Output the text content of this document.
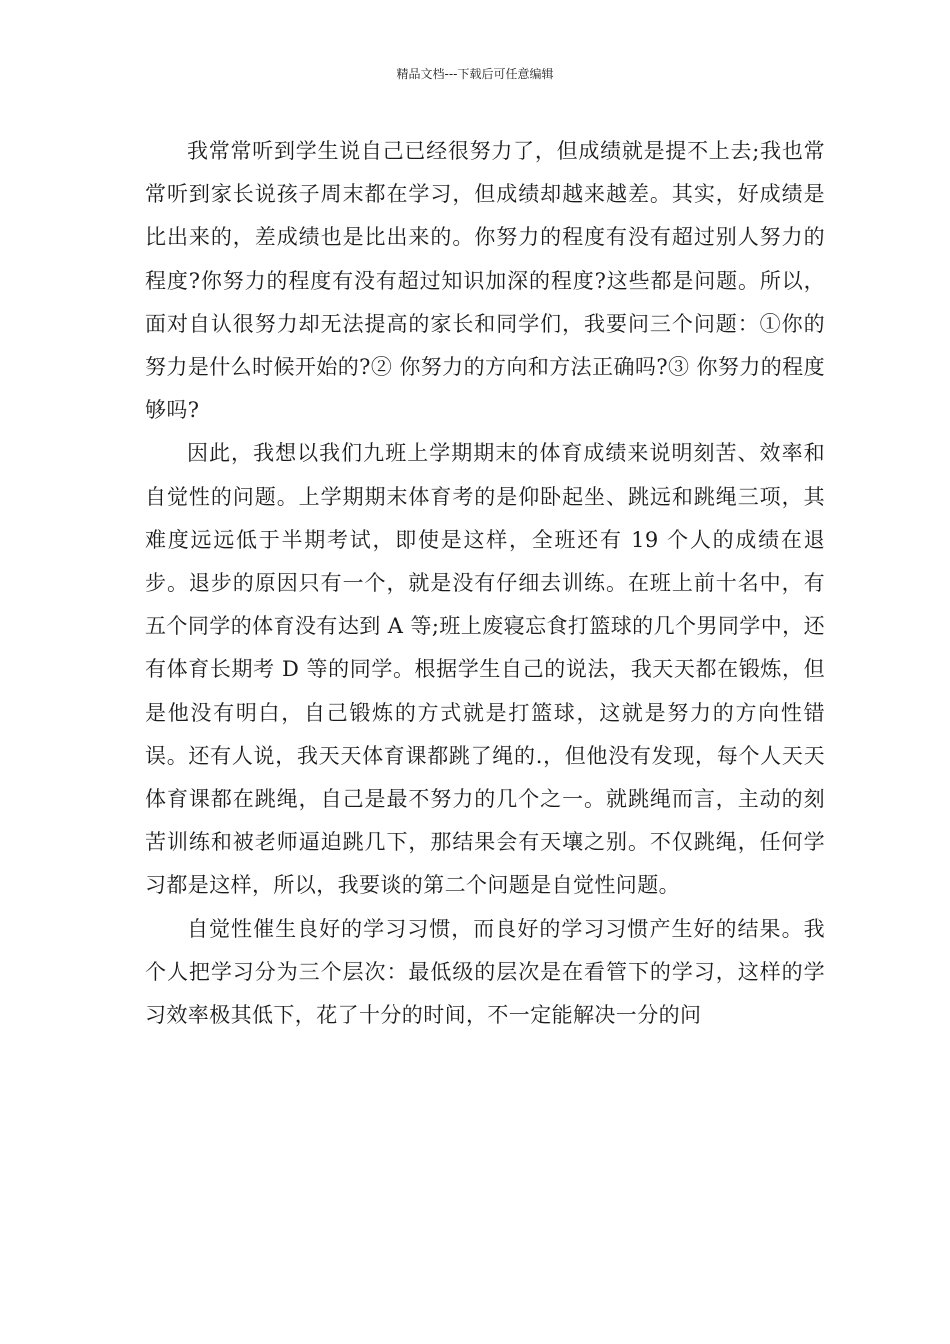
精品文档---下载后可任意编辑

我常常听到学生说自己已经很努力了，但成绩就是提不上去;我也常常听到家长说孩子周末都在学习，但成绩却越来越差。其实，好成绩是比出来的，差成绩也是比出来的。你努力的程度有没有超过别人努力的程度?你努力的程度有没有超过知识加深的程度?这些都是问题。所以，面对自认很努力却无法提高的家长和同学们，我要问三个问题：①你的努力是什么时候开始的?② 你努力的方向和方法正确吗?③ 你努力的程度够吗?

因此，我想以我们九班上学期期末的体育成绩来说明刻苦、效率和自觉性的问题。上学期期末体育考的是仰卧起坐、跳远和跳绳三项，其难度远远低于半期考试，即使是这样，全班还有 19 个人的成绩在退步。退步的原因只有一个，就是没有仔细去训练。在班上前十名中，有五个同学的体育没有达到 A 等;班上废寝忘食打篮球的几个男同学中，还有体育长期考 D 等的同学。根据学生自己的说法，我天天都在锻炼，但是他没有明白，自己锻炼的方式就是打篮球，这就是努力的方向性错误。还有人说，我天天体育课都跳了绳的.，但他没有发现，每个人天天体育课都在跳绳，自己是最不努力的几个之一。就跳绳而言，主动的刻苦训练和被老师逼迫跳几下，那结果会有天壤之别。不仅跳绳，任何学习都是这样，所以，我要谈的第二个问题是自觉性问题。

自觉性催生良好的学习习惯，而良好的学习习惯产生好的结果。我个人把学习分为三个层次：最低级的层次是在看管下的学习，这样的学习效率极其低下，花了十分的时间，不一定能解决一分的问
